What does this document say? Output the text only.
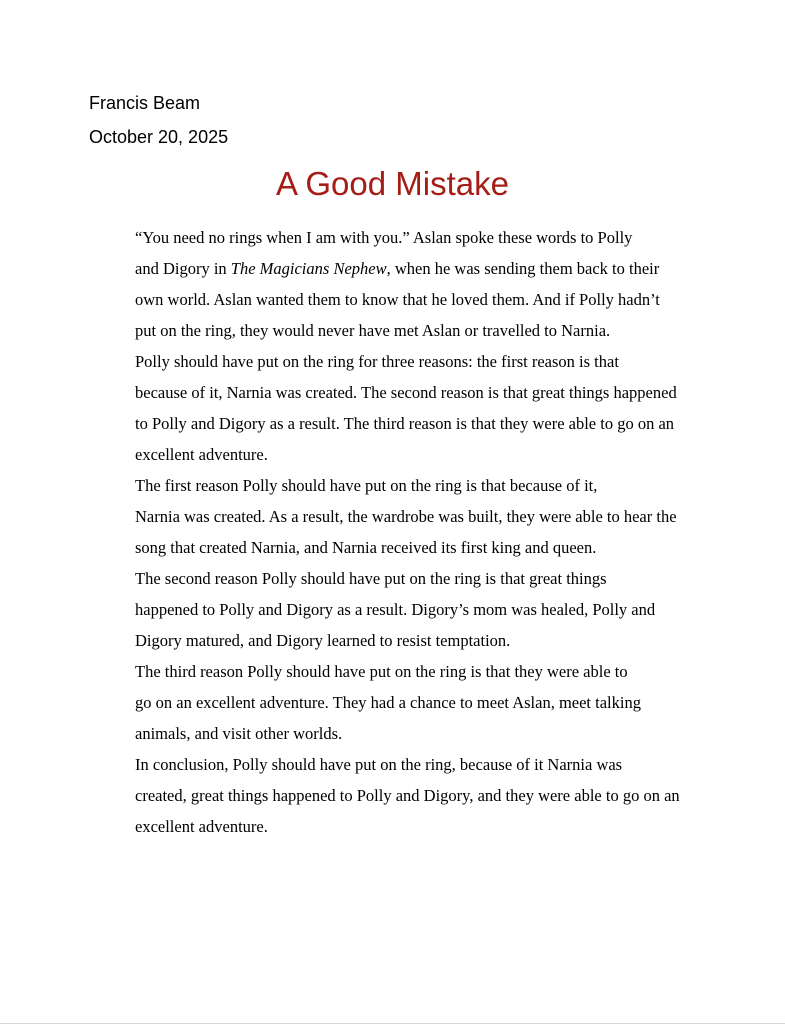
Francis Beam
October 20, 2025
A Good Mistake

“You need no rings when I am with you.” Aslan spoke these words to Polly
and Digory in The Magicians Nephew, when he was sending them back to their
own world. Aslan wanted them to know that he loved them. And if Polly hadn’t
put on the ring, they would never have met Aslan or travelled to Narnia.

Polly should have put on the ring for three reasons: the first reason is that
because of it, Narnia was created. The second reason is that great things happened
to Polly and Digory as a result. The third reason is that they were able to go on an
excellent adventure.

The first reason Polly should have put on the ring is that because of it,
Narnia was created. As a result, the wardrobe was built, they were able to hear the
song that created Narnia, and Narnia received its first king and queen.

The second reason Polly should have put on the ring is that great things
happened to Polly and Digory as a result. Digory’s mom was healed, Polly and
Digory matured, and Digory learned to resist temptation.

The third reason Polly should have put on the ring is that they were able to
go on an excellent adventure. They had a chance to meet Aslan, meet talking
animals, and visit other worlds.

In conclusion, Polly should have put on the ring, because of it Narnia was
created, great things happened to Polly and Digory, and they were able to go on an
excellent adventure.
